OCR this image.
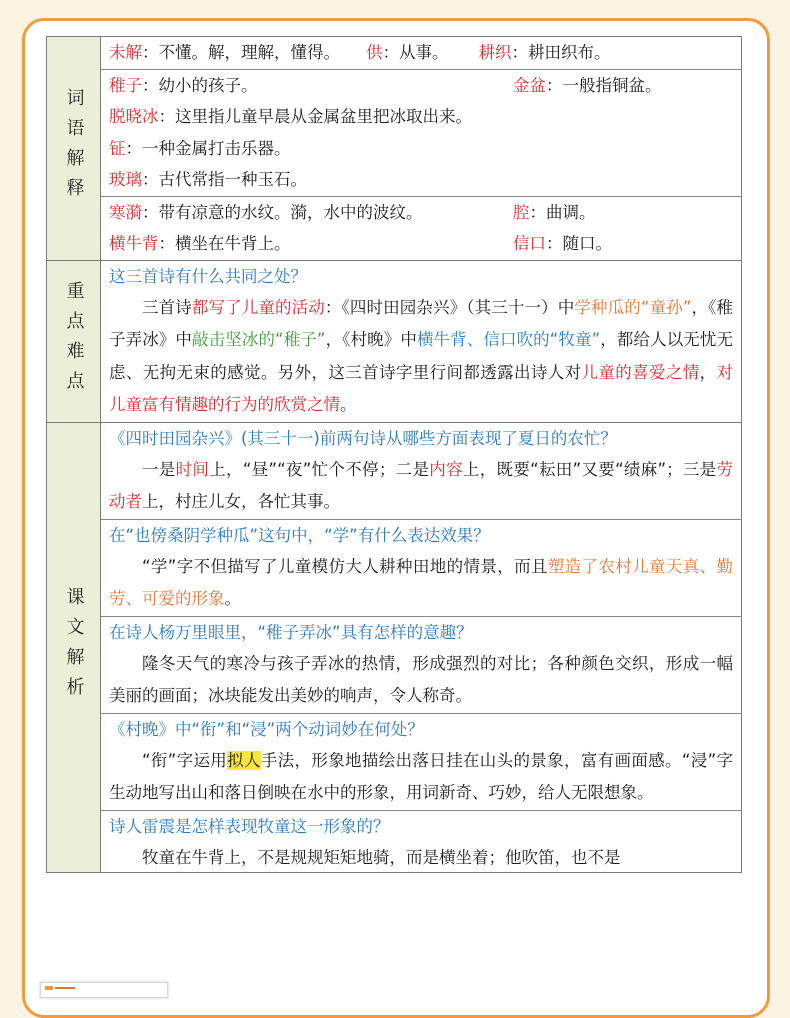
词语解释
未解：不懂。解，理解，懂得。 供：从事。 耕织：耕田织布。
稚子：幼小的孩子。	金盆：一般指铜盆。
脱晓冰：这里指儿童早晨从金属盆里把冰取出来。
钲：一种金属打击乐器。
玻璃：古代常指一种玉石。
寒漪：带有凉意的水纹。漪，水中的波纹。	腔：曲调。
横牛背：横坐在牛背上。	信口：随口。
重点难点
这三首诗有什么共同之处？

三首诗都写了儿童的活动：《四时田园杂兴》（其三十一）中学种瓜的“童孙”，《稚子弄冰》中敲击坚冰的“稚子”，《村晚》中横牛背、信口吹的“牧童”，都给人以无忧无虑、无拘无束的感觉。另外，这三首诗字里行间都透露出诗人对儿童的喜爱之情，对儿童富有情趣的行为的欣赏之情。

课文解析
《四时田园杂兴》(其三十一)前两句诗从哪些方面表现了夏日的农忙？

一是时间上，“昼”“夜”忙个不停；二是内容上，既要“耘田”又要“绩麻”；三是劳动者上，村庄儿女，各忙其事。

在“也傍桑阴学种瓜”这句中，“学”有什么表达效果？

“学”字不但描写了儿童模仿大人耕种田地的情景，而且塑造了农村儿童天真、勤劳、可爱的形象。

在诗人杨万里眼里，“稚子弄冰”具有怎样的意趣？

隆冬天气的寒冷与孩子弄冰的热情，形成强烈的对比；各种颜色交织，形成一幅美丽的画面；冰块能发出美妙的响声，令人称奇。

《村晚》中“衔”和“浸”两个动词妙在何处？

“衔”字运用拟人手法，形象地描绘出落日挂在山头的景象，富有画面感。“浸”字生动地写出山和落日倒映在水中的形象，用词新奇、巧妙，给人无限想象。

诗人雷震是怎样表现牧童这一形象的？

牧童在牛背上，不是规规矩矩地骑，而是横坐着；他吹笛，也不是
